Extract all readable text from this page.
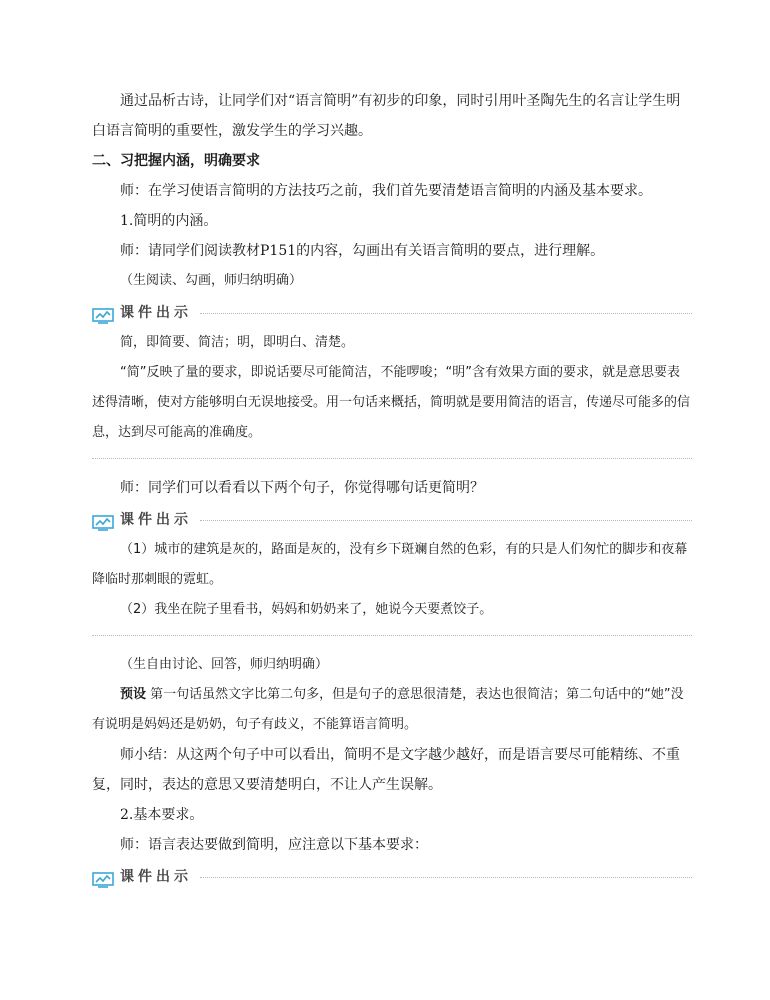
通过品析古诗，让同学们对“语言简明”有初步的印象，同时引用叶圣陶先生的名言让学生明白语言简明的重要性，激发学生的学习兴趣。

二、习把握内涵，明确要求

师：在学习使语言简明的方法技巧之前，我们首先要清楚语言简明的内涵及基本要求。

1.简明的内涵。

师：请同学们阅读教材P151的内容，勾画出有关语言简明的要点，进行理解。

（生阅读、勾画，师归纳明确）

课件出示

简，即简要、简洁；明，即明白、清楚。

“简”反映了量的要求，即说话要尽可能简洁，不能啰唆；“明”含有效果方面的要求，就是意思要表述得清晰，使对方能够明白无误地接受。用一句话来概括，简明就是要用简洁的语言，传递尽可能多的信息，达到尽可能高的准确度。

师：同学们可以看看以下两个句子，你觉得哪句话更简明？

课件出示

（1）城市的建筑是灰的，路面是灰的，没有乡下斑斓自然的色彩，有的只是人们匆忙的脚步和夜幕降临时那刺眼的霓虹。

（2）我坐在院子里看书，妈妈和奶奶来了，她说今天要煮饺子。

（生自由讨论、回答，师归纳明确）

预设 第一句话虽然文字比第二句多，但是句子的意思很清楚，表达也很简洁；第二句话中的“她”没有说明是妈妈还是奶奶，句子有歧义，不能算语言简明。

师小结：从这两个句子中可以看出，简明不是文字越少越好，而是语言要尽可能精练、不重复，同时，表达的意思又要清楚明白，不让人产生误解。

2.基本要求。

师：语言表达要做到简明，应注意以下基本要求：

课件出示
